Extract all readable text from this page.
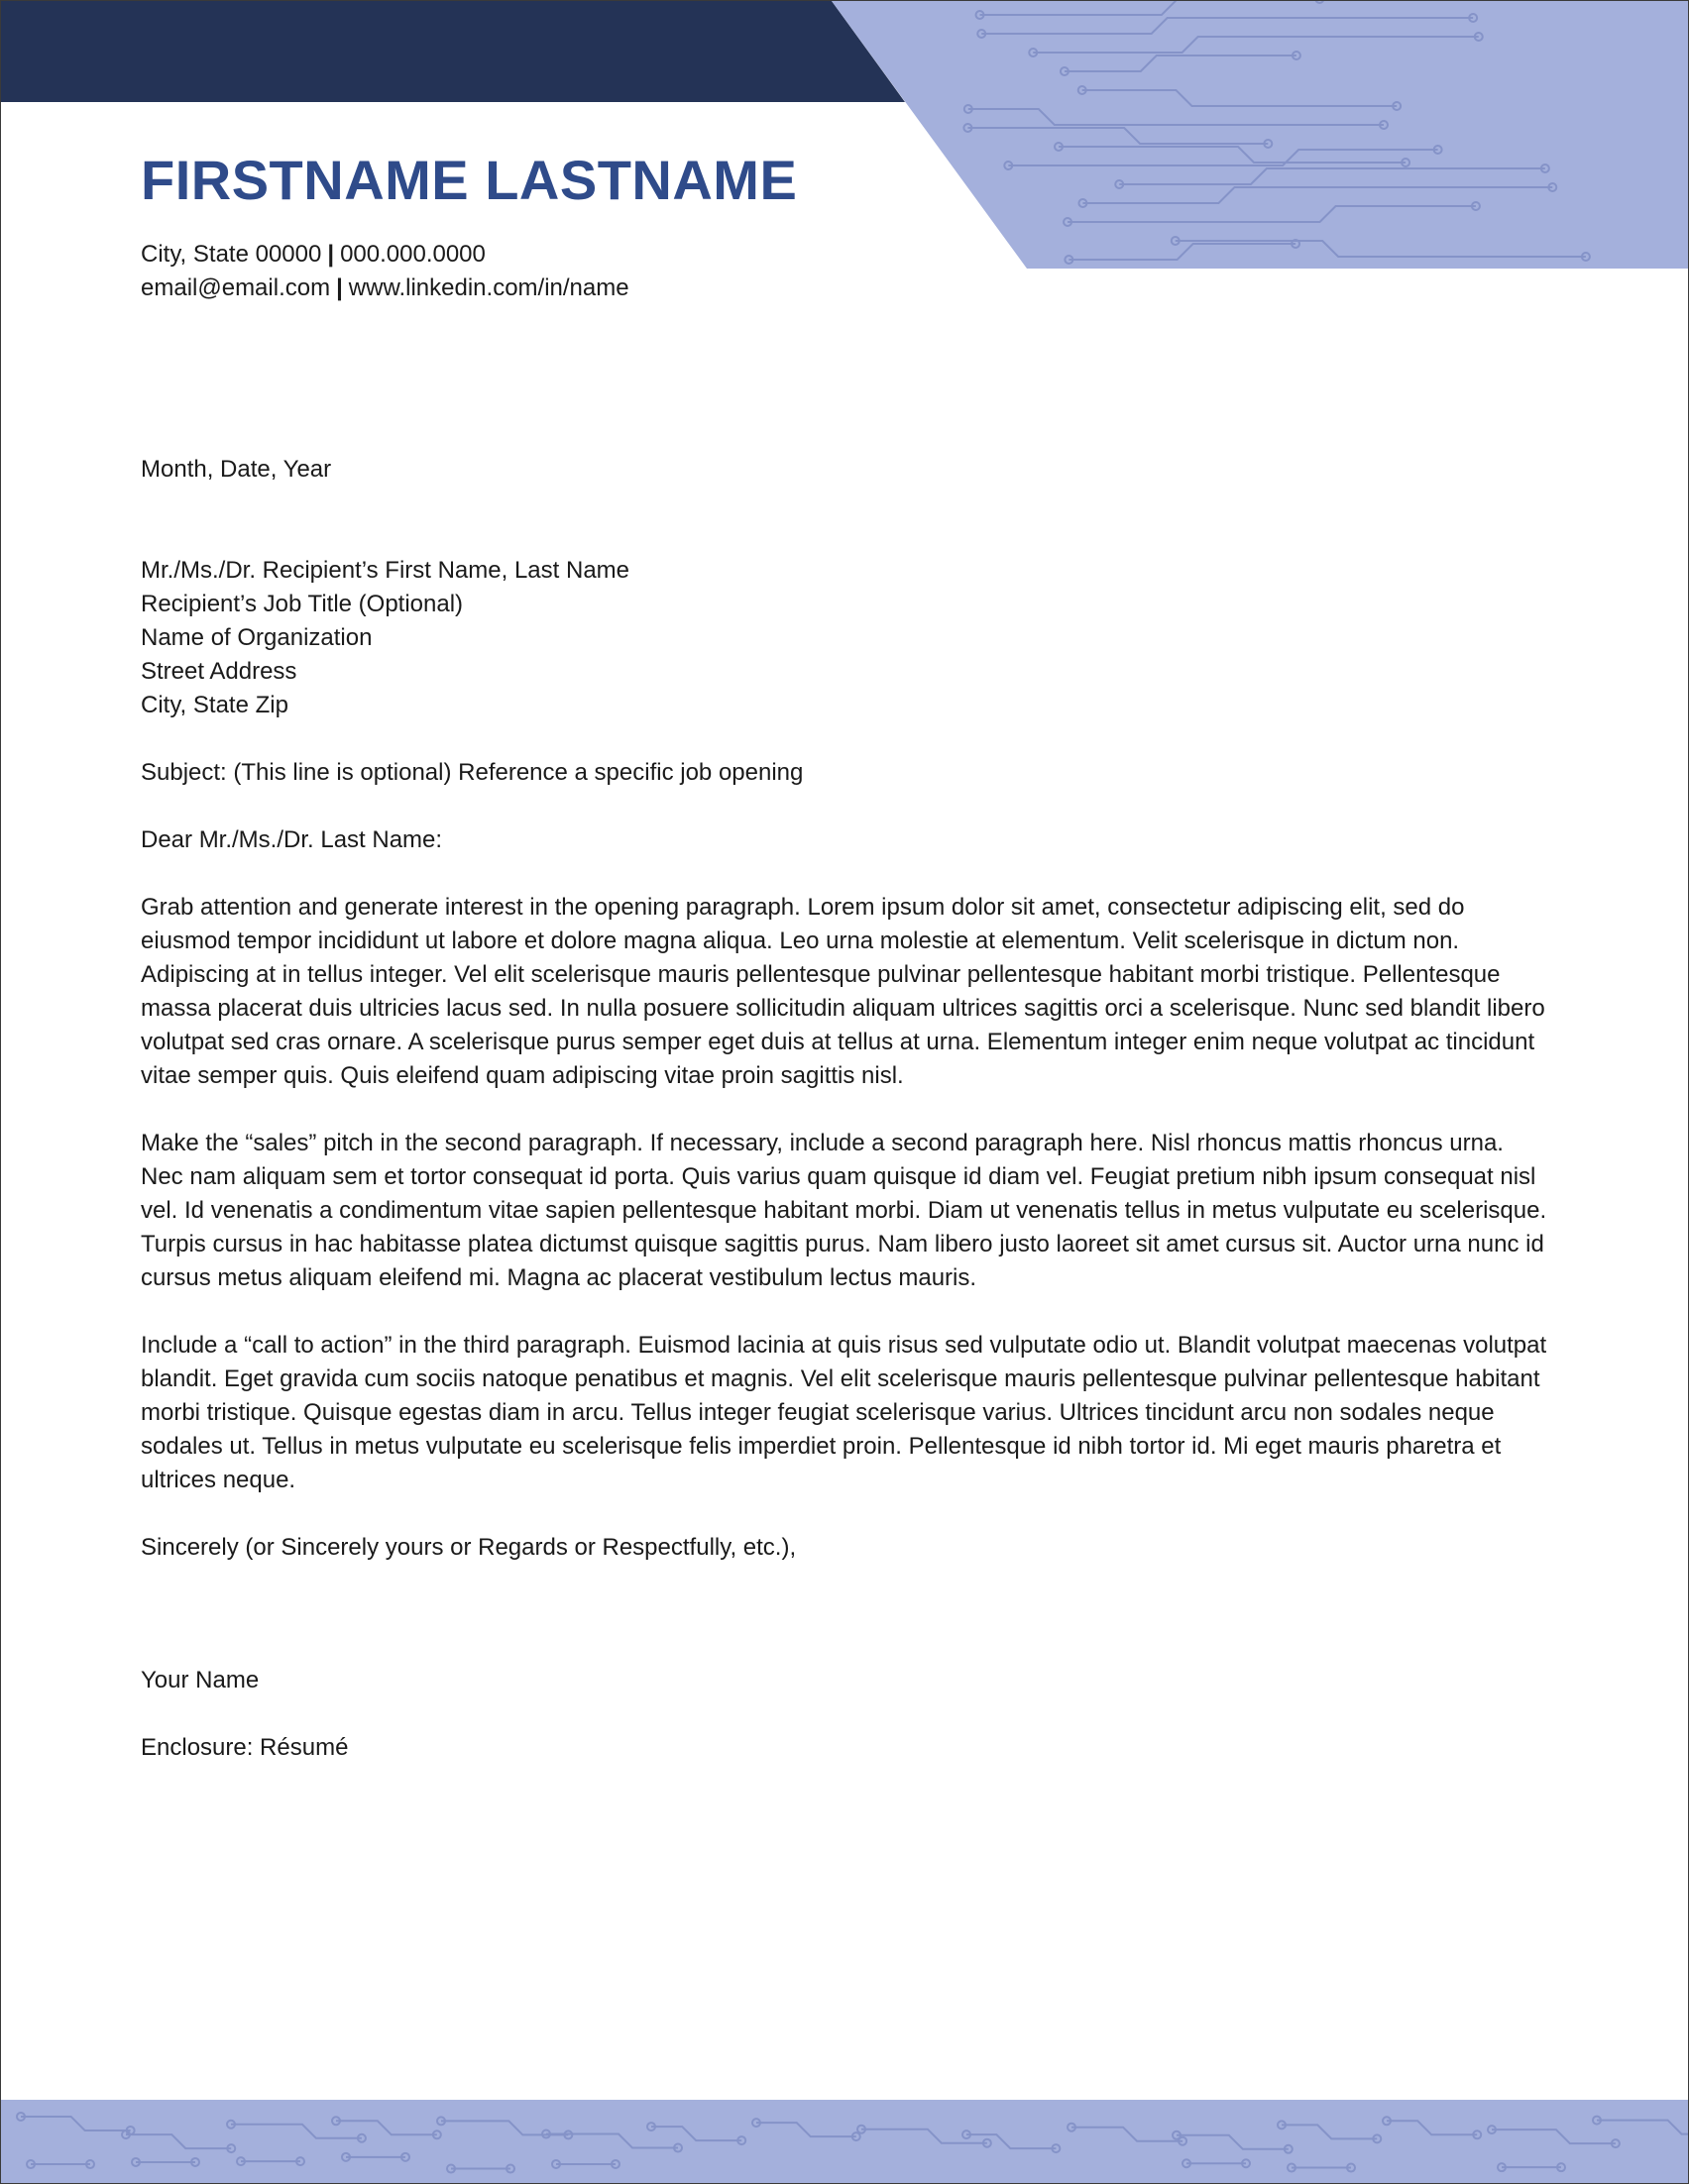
FIRSTNAME LASTNAME
City, State 00000 | 000.000.0000
email@email.com | www.linkedin.com/in/name
Month, Date, Year
Mr./Ms./Dr. Recipient’s First Name, Last Name
Recipient’s Job Title (Optional)
Name of Organization
Street Address
City, State Zip
Subject: (This line is optional) Reference a specific job opening
Dear Mr./Ms./Dr. Last Name:

Grab attention and generate interest in the opening paragraph. Lorem ipsum dolor sit amet, consectetur adipiscing elit, sed do eiusmod tempor incididunt ut labore et dolore magna aliqua. Leo urna molestie at elementum. Velit scelerisque in dictum non. Adipiscing at in tellus integer. Vel elit scelerisque mauris pellentesque pulvinar pellentesque habitant morbi tristique. Pellentesque massa placerat duis ultricies lacus sed. In nulla posuere sollicitudin aliquam ultrices sagittis orci a scelerisque. Nunc sed blandit libero volutpat sed cras ornare. A scelerisque purus semper eget duis at tellus at urna. Elementum integer enim neque volutpat ac tincidunt vitae semper quis. Quis eleifend quam adipiscing vitae proin sagittis nisl.

Make the “sales” pitch in the second paragraph. If necessary, include a second paragraph here. Nisl rhoncus mattis rhoncus urna. Nec nam aliquam sem et tortor consequat id porta. Quis varius quam quisque id diam vel. Feugiat pretium nibh ipsum consequat nisl vel. Id venenatis a condimentum vitae sapien pellentesque habitant morbi. Diam ut venenatis tellus in metus vulputate eu scelerisque. Turpis cursus in hac habitasse platea dictumst quisque sagittis purus. Nam libero justo laoreet sit amet cursus sit. Auctor urna nunc id cursus metus aliquam eleifend mi. Magna ac placerat vestibulum lectus mauris.

Include a “call to action” in the third paragraph. Euismod lacinia at quis risus sed vulputate odio ut. Blandit volutpat maecenas volutpat blandit. Eget gravida cum sociis natoque penatibus et magnis. Vel elit scelerisque mauris pellentesque pulvinar pellentesque habitant morbi tristique. Quisque egestas diam in arcu. Tellus integer feugiat scelerisque varius. Ultrices tincidunt arcu non sodales neque sodales ut. Tellus in metus vulputate eu scelerisque felis imperdiet proin. Pellentesque id nibh tortor id. Mi eget mauris pharetra et ultrices neque.

Sincerely (or Sincerely yours or Regards or Respectfully, etc.),
Your Name
Enclosure: Résumé
